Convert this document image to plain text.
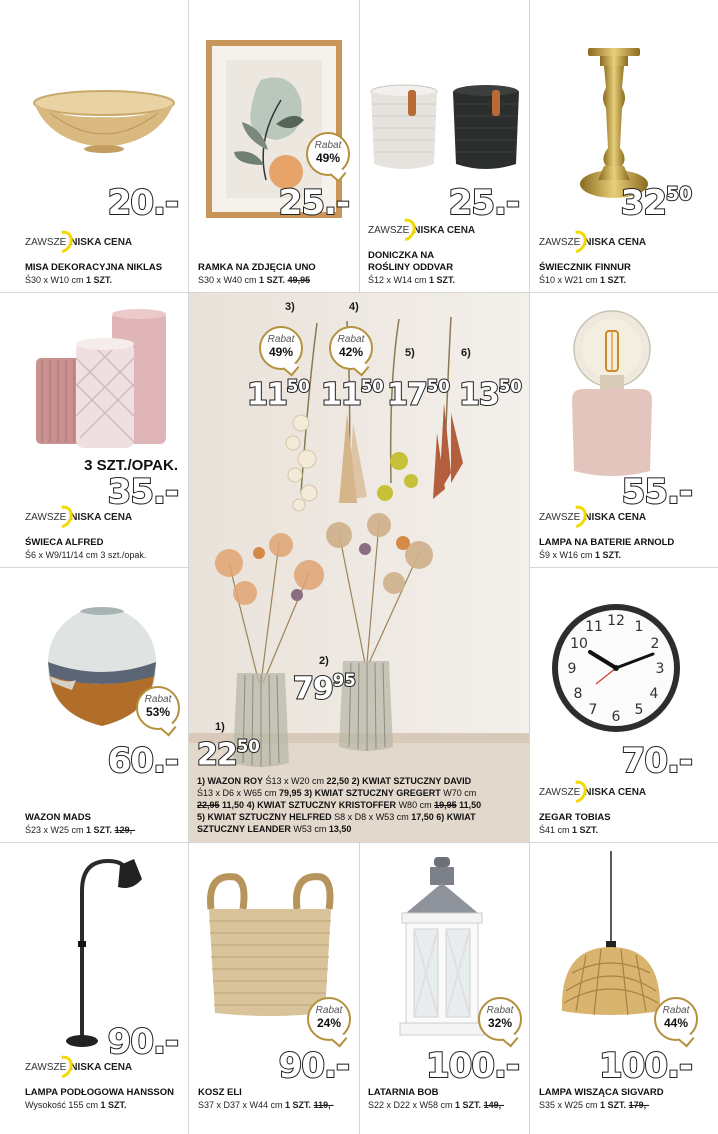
20.-
ZAWSZE NISKA CENA
MISA DEKORACYJNA NIKLAS
Ś30 x W10 cm 1 SZT.
Rabat
49%
25.-
RAMKA NA ZDJĘCIA UNO
S30 x W40 cm 1 SZT. 49,95
25.-
ZAWSZE NISKA CENA
DONICZKA NA
ROŚLINY ODDVAR
Ś12 x W14 cm 1 SZT.
$32^{50}$
ZAWSZE NISKA CENA
ŚWIECZNIK FINNUR
Ś10 x W21 cm 1 SZT.
3 SZT./OPAK.
35.-
ZAWSZE NISKA CENA
ŚWIECA ALFRED
Ś6 x W9/11/14 cm 3 szt./opak.
55.-
ZAWSZE NISKA CENA
LAMPA NA BATERIE ARNOLD
Ś9 x W16 cm 1 SZT.
Rabat
53%
60.-
WAZON MADS
Ś23 x W25 cm 1 SZT. 129,-
12 1
2
3
4
5
6
7
8
9
10
11
70.-
ZAWSZE NISKA CENA
ZEGAR TOBIAS
Ś41 cm 1 SZT.
3)	4)
5)	6)
Rabat
49%
Rabat
42%
$11^{50}$ $11^{50}$ $17^{50}$ $13^{50}$
2)
$79^{95}$
1)
$22^{50}$
1) WAZON ROY Ś13 x W20 cm 22,50 2) KWIAT SZTUCZNY DAVID
Ś13 x D6 x W65 cm 79,95 3) KWIAT SZTUCZNY GREGERT W70 cm
22,95 11,50 4) KWIAT SZTUCZNY KRISTOFFER W80 cm 19,95 11,50
5) KWIAT SZTUCZNY HELFRED S8 x D8 x W53 cm 17,50 6) KWIAT
SZTUCZNY LEANDER W53 cm 13,50
90.-
ZAWSZE NISKA CENA
LAMPA PODŁOGOWA HANSSON
Wysokość 155 cm 1 SZT.
Rabat
24%
90.-
KOSZ ELI
S37 x D37 x W44 cm 1 SZT. 119,-
Rabat
32%
100.-
LATARNIA BOB
S22 x D22 x W58 cm 1 SZT. 149,-
Rabat
44%
100.-
LAMPA WISZĄCA SIGVARD
S35 x W25 cm 1 SZT. 179,-
